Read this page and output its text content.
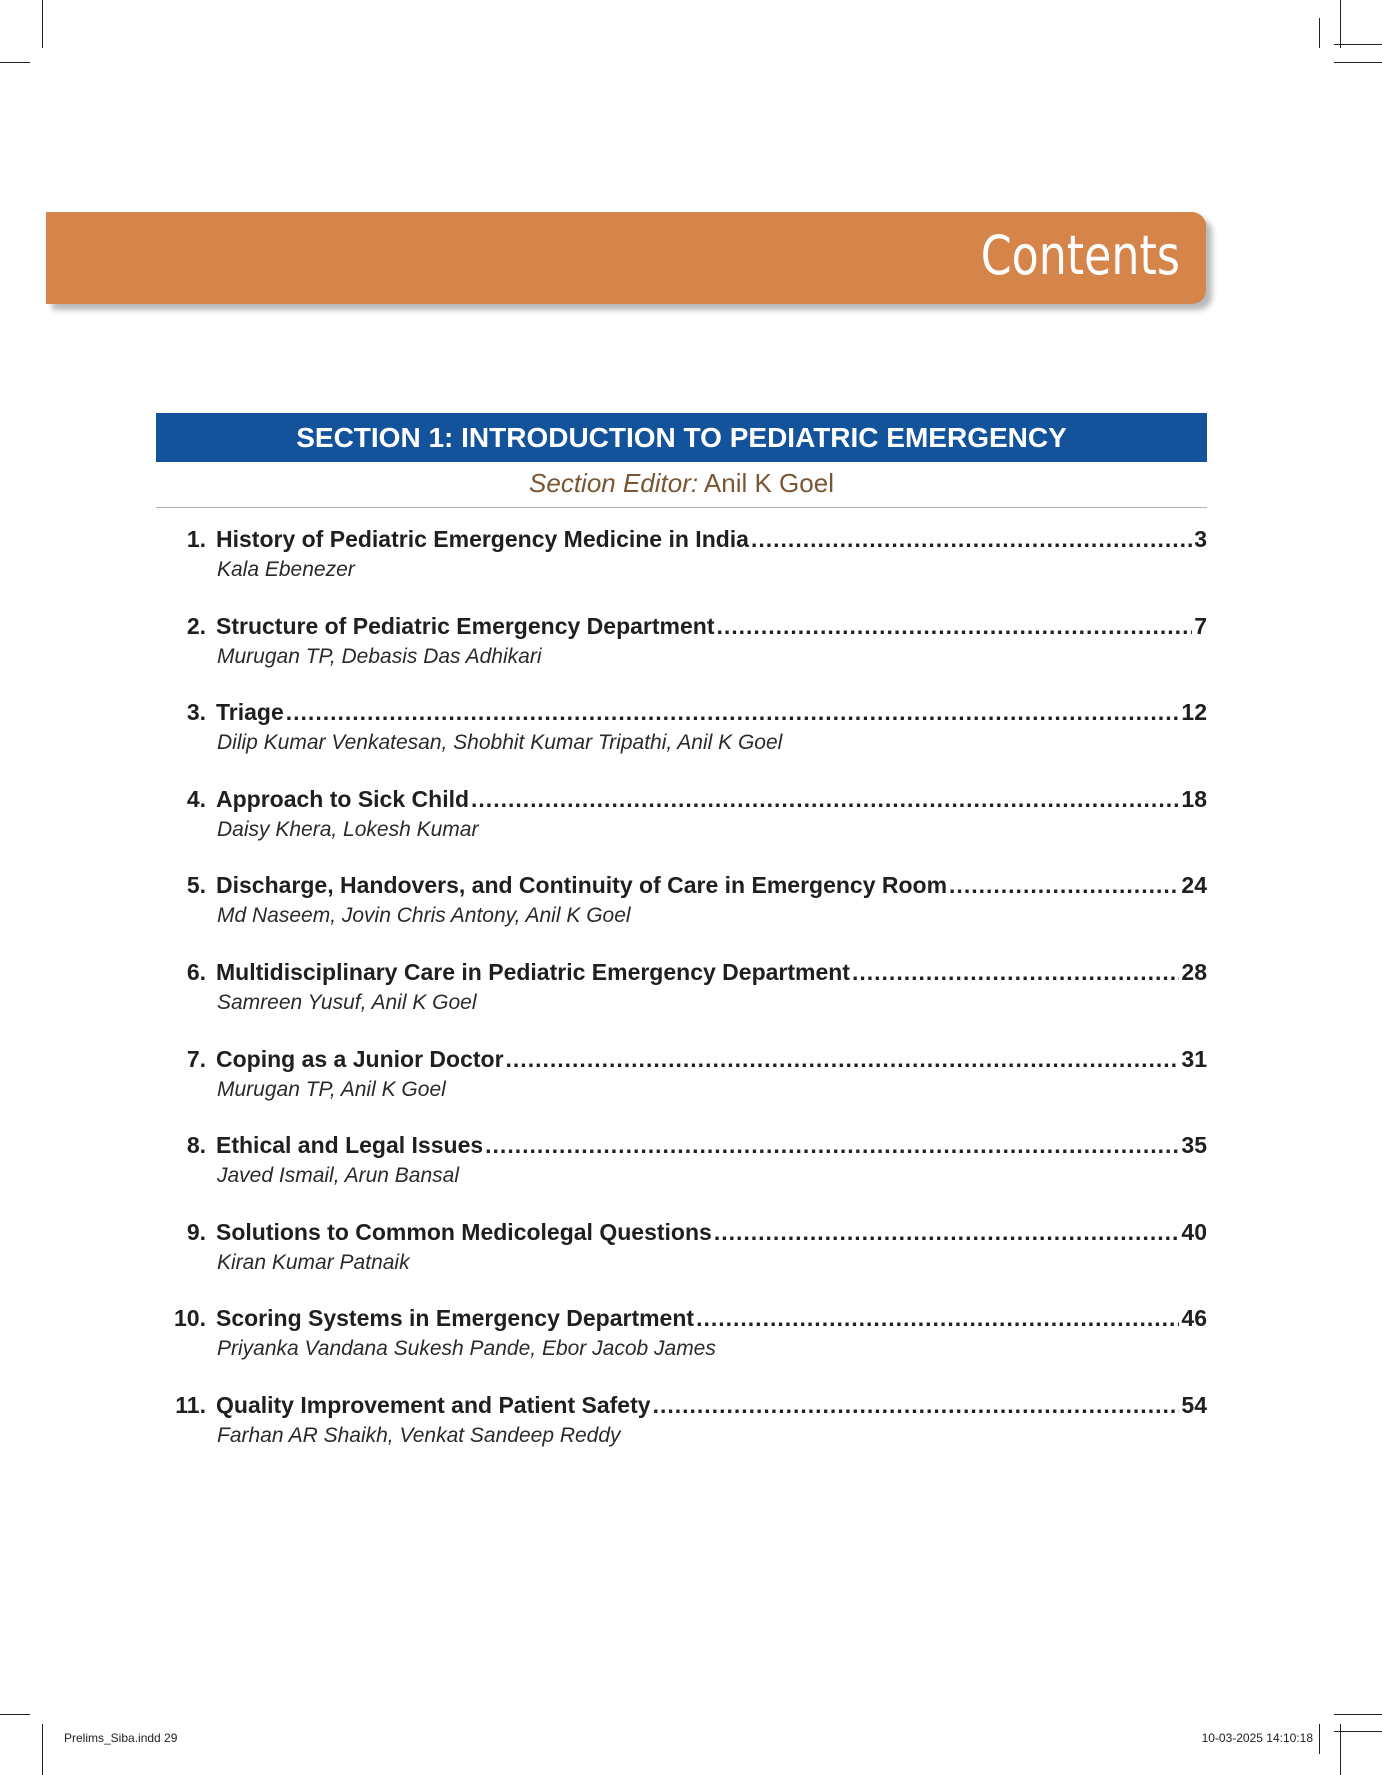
Contents
SECTION 1: INTRODUCTION TO PEDIATRIC EMERGENCY
Section Editor: Anil K Goel
1. History of Pediatric Emergency Medicine in India .....	3
Kala Ebenezer
2. Structure of Pediatric Emergency Department .....	7
Murugan TP, Debasis Das Adhikari
3. Triage .....	12
Dilip Kumar Venkatesan, Shobhit Kumar Tripathi, Anil K Goel
4. Approach to Sick Child .....	18
Daisy Khera, Lokesh Kumar
5. Discharge, Handovers, and Continuity of Care in Emergency Room .....	24
Md Naseem, Jovin Chris Antony, Anil K Goel
6. Multidisciplinary Care in Pediatric Emergency Department .....	28
Samreen Yusuf, Anil K Goel
7. Coping as a Junior Doctor .....	31
Murugan TP, Anil K Goel
8. Ethical and Legal Issues .....	35
Javed Ismail, Arun Bansal
9. Solutions to Common Medicolegal Questions .....	40
Kiran Kumar Patnaik
10. Scoring Systems in Emergency Department .....	46
Priyanka Vandana Sukesh Pande, Ebor Jacob James
11. Quality Improvement and Patient Safety .....	54
Farhan AR Shaikh, Venkat Sandeep Reddy
Prelims_Siba.indd 29	10-03-2025 14:10:18
